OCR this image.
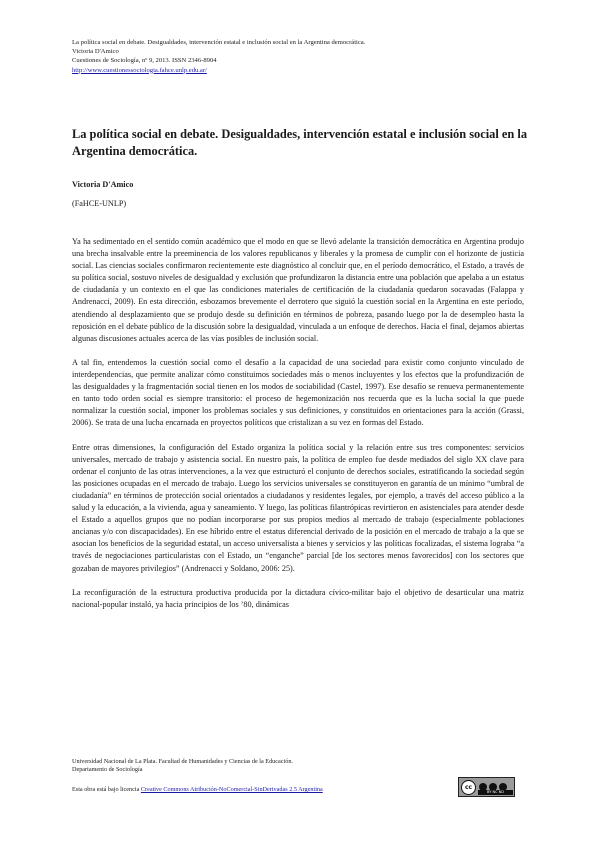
La política social en debate. Desigualdades, intervención estatal e inclusión social en la Argentina democrática.
Victoria D'Amico
Cuestiones de Sociología, nº 9, 2013. ISSN 2346-8904
http://www.cuestionessociologia.fahce.unlp.edu.ar/
La política social en debate. Desigualdades, intervención estatal e inclusión social en la Argentina democrática.
Victoria D'Amico
(FaHCE-UNLP)

Ya ha sedimentado en el sentido común académico que el modo en que se llevó adelante la transición democrática en Argentina produjo una brecha insalvable entre la preeminencia de los valores republicanos y liberales y la promesa de cumplir con el horizonte de justicia social. Las ciencias sociales confirmaron recientemente este diagnóstico al concluir que, en el período democrático, el Estado, a través de su política social, sostuvo niveles de desigualdad y exclusión que profundizaron la distancia entre una población que apelaba a un estatus de ciudadanía y un contexto en el que las condiciones materiales de certificación de la ciudadanía quedaron socavadas (Falappa y Andrenacci, 2009). En esta dirección, esbozamos brevemente el derrotero que siguió la cuestión social en la Argentina en este período, atendiendo al desplazamiento que se produjo desde su definición en términos de pobreza, pasando luego por la de desempleo hasta la reposición en el debate público de la discusión sobre la desigualdad, vinculada a un enfoque de derechos. Hacia el final, dejamos abiertas algunas discusiones actuales acerca de las vías posibles de inclusión social.

A tal fin, entendemos la cuestión social como el desafío a la capacidad de una sociedad para existir como conjunto vinculado de interdependencias, que permite analizar cómo constituimos sociedades más o menos incluyentes y los efectos que la profundización de las desigualdades y la fragmentación social tienen en los modos de sociabilidad (Castel, 1997). Ese desafío se renueva permanentemente en tanto todo orden social es siempre transitorio: el proceso de hegemonización nos recuerda que es la lucha social la que puede normalizar la cuestión social, imponer los problemas sociales y sus definiciones, y constituidos en orientaciones para la acción (Grassi, 2006). Se trata de una lucha encarnada en proyectos políticos que cristalizan a su vez en formas del Estado.

Entre otras dimensiones, la configuración del Estado organiza la política social y la relación entre sus tres componentes: servicios universales, mercado de trabajo y asistencia social. En nuestro país, la política de empleo fue desde mediados del siglo XX clave para ordenar el conjunto de las otras intervenciones, a la vez que estructuró el conjunto de derechos sociales, estratificando la sociedad según las posiciones ocupadas en el mercado de trabajo. Luego los servicios universales se constituyeron en garantía de un mínimo “umbral de ciudadanía” en términos de protección social orientados a ciudadanos y residentes legales, por ejemplo, a través del acceso público a la salud y la educación, a la vivienda, agua y saneamiento. Y luego, las políticas filantrópicas revirtieron en asistenciales para atender desde el Estado a aquellos grupos que no podían incorporarse por sus propios medios al mercado de trabajo (especialmente poblaciones ancianas y/o con discapacidades). En ese híbrido entre el estatus diferencial derivado de la posición en el mercado de trabajo a la que se asocian los beneficios de la seguridad estatal, un acceso universalista a bienes y servicios y las políticas focalizadas, el sistema lograba “a través de negociaciones particularistas con el Estado, un “enganche” parcial [de los sectores menos favorecidos] con los sectores que gozaban de mayores privilegios” (Andrenacci y Soldano, 2006: 25).

La reconfiguración de la estructura productiva producida por la dictadura cívico-militar bajo el objetivo de desarticular una matriz nacional-popular instaló, ya hacia principios de los ’80, dinámicas

Universidad Nacional de La Plata. Facultad de Humanidades y Ciencias de la Educación.
Departamento de Sociología
Esta obra está bajo licencia Creative Commons Atribución-NoComercial-SinDerivadas 2.5 Argentina	cc
BY NC ND
